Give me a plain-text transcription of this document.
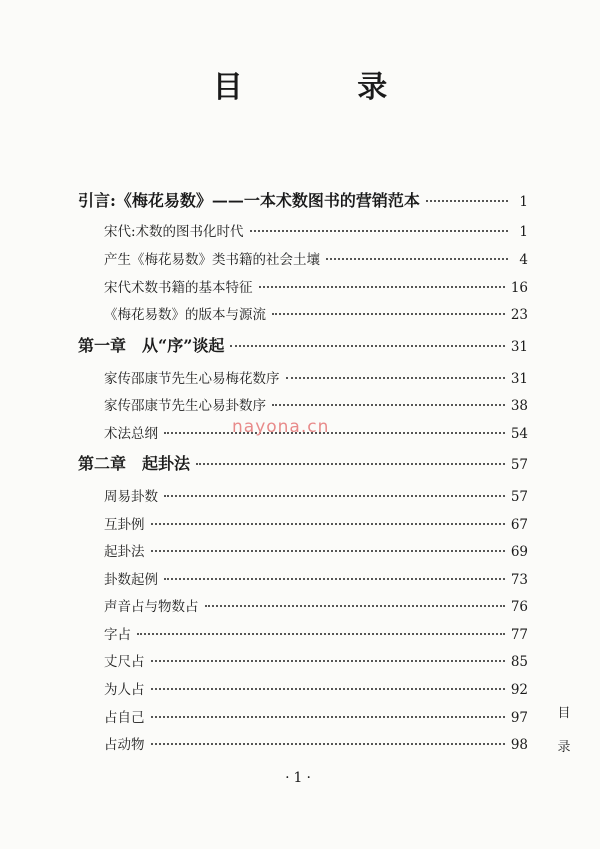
目 录
引言:《梅花易数》——一本术数图书的营销范本	1
宋代:术数的图书化时代	1
产生《梅花易数》类书籍的社会土壤	4
宋代术数书籍的基本特征	16
《梅花易数》的版本与源流	23
第一章　从“序”谈起	31
家传邵康节先生心易梅花数序	31
家传邵康节先生心易卦数序	38
术法总纲	54
第二章　起卦法	57
周易卦数	57
互卦例	67
起卦法	69
卦数起例	73
声音占与物数占	76
字占	77
丈尺占	85
为人占	92
占自己	97
占动物	98
nayona.cn
目录
·1·
